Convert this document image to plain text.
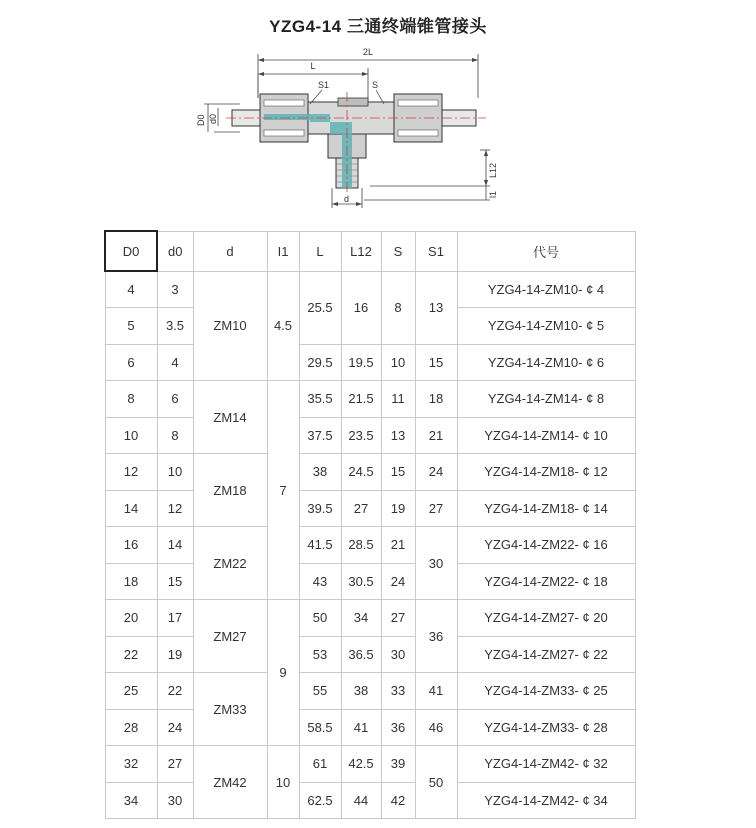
YZG4-14 三通终端锥管接头
2L
L
S1	S
D0 d0
L12
l1
d
D0	d0	d	I1	L	L12	S	S1	代号
4	3	ZM10	4.5	25.5	16	8	13	YZG4-14-ZM10- ¢ 4
5	3.5							YZG4-14-ZM10- ¢ 5
6	4			29.5	19.5	10	15	YZG4-14-ZM10- ¢ 6
8	6	ZM14	7	35.5	21.5	11	18	YZG4-14-ZM14- ¢ 8
10	8			37.5	23.5	13	21	YZG4-14-ZM14- ¢ 10
12	10	ZM18		38	24.5	15	24	YZG4-14-ZM18- ¢ 12
14	12			39.5	27	19	27	YZG4-14-ZM18- ¢ 14
16	14	ZM22		41.5	28.5	21	30	YZG4-14-ZM22- ¢ 16
18	15			43	30.5	24		YZG4-14-ZM22- ¢ 18
20	17	ZM27	9	50	34	27	36	YZG4-14-ZM27- ¢ 20
22	19			53	36.5	30		YZG4-14-ZM27- ¢ 22
25	22	ZM33		55	38	33	41	YZG4-14-ZM33- ¢ 25
28	24			58.5	41	36	46	YZG4-14-ZM33- ¢ 28
32	27	ZM42	10	61	42.5	39	50	YZG4-14-ZM42- ¢ 32
34	30			62.5	44	42		YZG4-14-ZM42- ¢ 34
